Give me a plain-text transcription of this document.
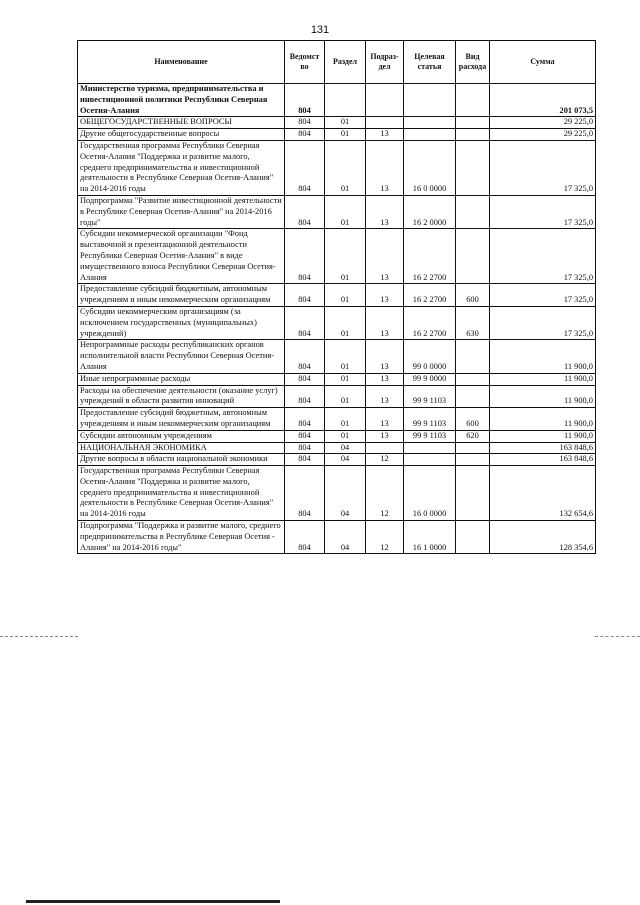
131
Наименование	Ведомст во	Раздел	Подраз- дел	Целевая статья	Вид расхода	Сумма
Министерство туризма, предпринимательства и инвестиционной политики Республики Северная Осетия-Алания	804					201 073,5
ОБЩЕГОСУДАРСТВЕННЫЕ ВОПРОСЫ	804	01				29 225,0
Другие общегосударственные вопросы	804	01	13			29 225,0
Государственная программа Республики Северная Осетия-Алания "Поддержка и развитие малого, среднего предпринимательства и инвестиционной деятельности в Республике Северная Осетия-Алания" на 2014-2016 годы	804	01	13	16 0 0000		17 325,0
Подпрограмма "Развитие инвестиционной деятельности в Республике Северная Осетия-Алания" на 2014-2016 годы"	804	01	13	16 2 0000		17 325,0
Субсидии некоммерческой организации "Фонд выставочной и презентационной деятельности Республики Северная Осетия-Алания" в виде имущественного взноса Республики Северная Осетия-Алания	804	01	13	16 2 2700		17 325,0
Предоставление субсидий бюджетным, автономным учреждениям и иным некоммерческим организациям	804	01	13	16 2 2700	600	17 325,0
Субсидии некоммерческим организациям (за исключением государственных (муниципальных) учреждений)	804	01	13	16 2 2700	630	17 325,0
Непрограммные расходы республиканских органов исполнительной власти Республики Северная Осетия-Алания	804	01	13	99 0 0000		11 900,0
Иные непрограммные расходы	804	01	13	99 9 0000		11 900,0
Расходы на обеспечение деятельности (оказание услуг) учреждений в области развития инноваций	804	01	13	99 9 1103		11 900,0
Предоставление субсидий бюджетным, автономным учреждениям и иным некоммерческим организациям	804	01	13	99 9 1103	600	11 900,0
Субсидии автономным учреждениям	804	01	13	99 9 1103	620	11 900,0
НАЦИОНАЛЬНАЯ ЭКОНОМИКА	804	04				163 848,6
Другие вопросы в области национальной экономики	804	04	12			163 848,6
Государственная программа Республики Северная Осетия-Алания "Поддержка и развитие малого, среднего предпринимательства и инвестиционной деятельности в Республике Северная Осетия-Алания" на 2014-2016 годы	804	04	12	16 0 0000		132 654,6
Подпрограмма "Поддержка и развитие малого, среднего предпринимательства в Республике Северная Осетия - Алания" на 2014-2016 годы"	804	04	12	16 1 0000		128 354,6
